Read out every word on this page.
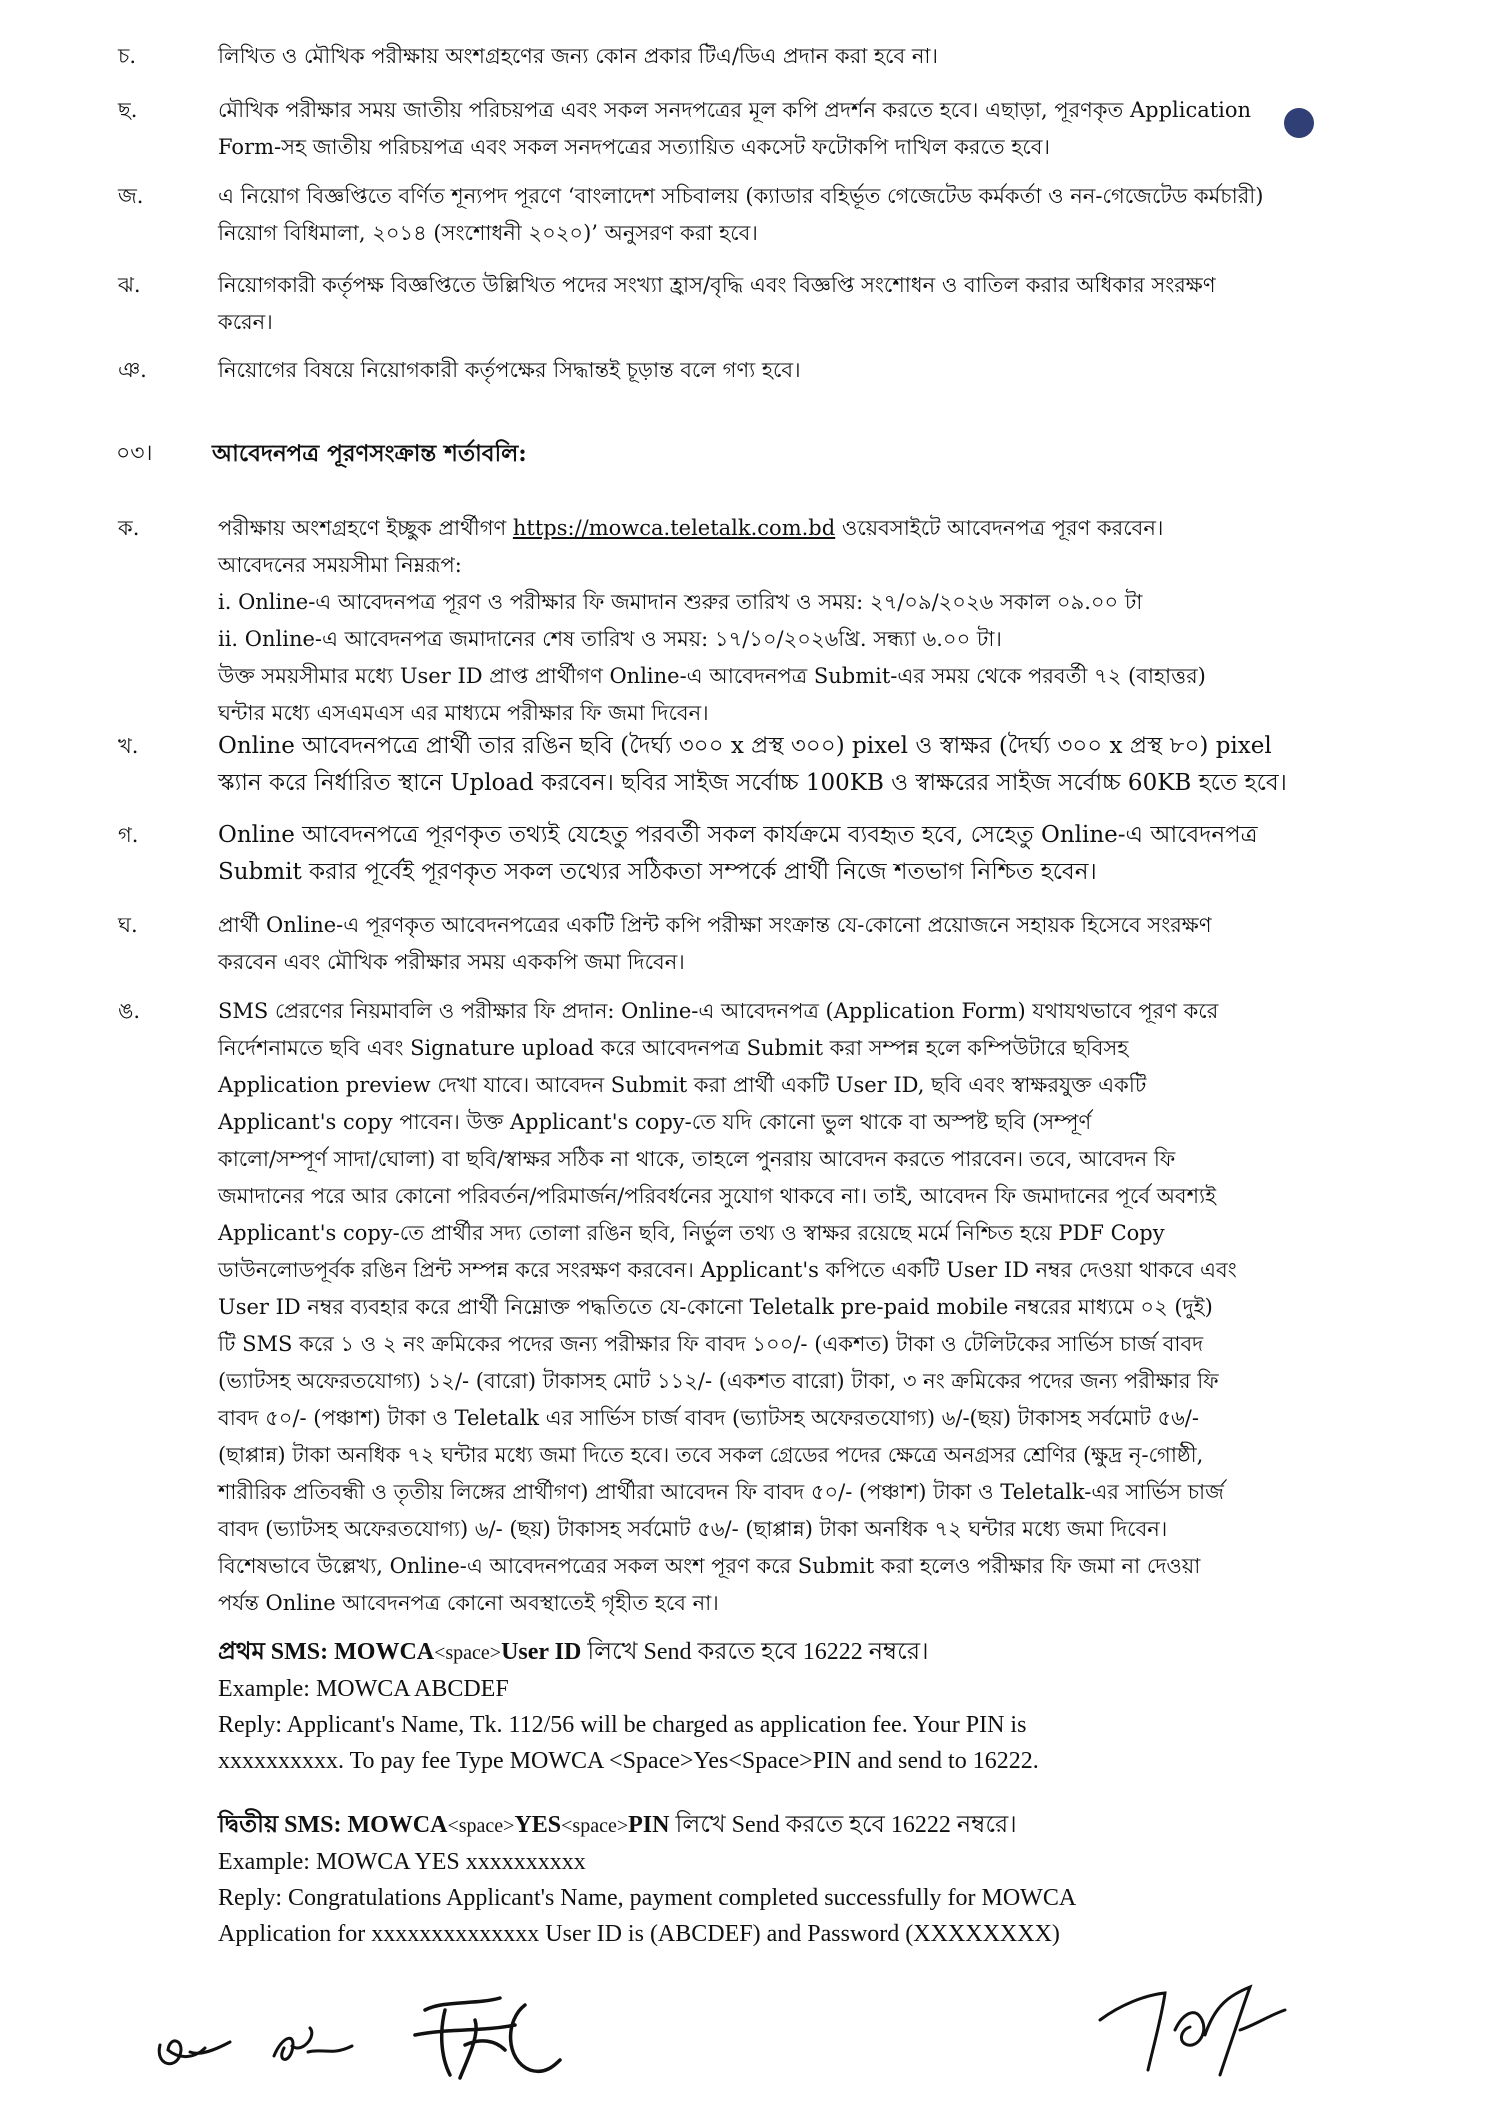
চ.	লিখিত ও মৌখিক পরীক্ষায় অংশগ্রহণের জন্য কোন প্রকার টিএ/ডিএ প্রদান করা হবে না।
ছ.	মৌখিক পরীক্ষার সময় জাতীয় পরিচয়পত্র এবং সকল সনদপত্রের মূল কপি প্রদর্শন করতে হবে। এছাড়া, পূরণকৃত Application
Form-সহ জাতীয় পরিচয়পত্র এবং সকল সনদপত্রের সত্যায়িত একসেট ফটোকপি দাখিল করতে হবে।
জ.	এ নিয়োগ বিজ্ঞপ্তিতে বর্ণিত শূন্যপদ পূরণে ‘বাংলাদেশ সচিবালয় (ক্যাডার বহির্ভূত গেজেটেড কর্মকর্তা ও নন-গেজেটেড কর্মচারী)
নিয়োগ বিধিমালা, ২০১৪ (সংশোধনী ২০২০)’ অনুসরণ করা হবে।
ঝ.	নিয়োগকারী কর্তৃপক্ষ বিজ্ঞপ্তিতে উল্লিখিত পদের সংখ্যা হ্রাস/বৃদ্ধি এবং বিজ্ঞপ্তি সংশোধন ও বাতিল করার অধিকার সংরক্ষণ
করেন।
ঞ.	নিয়োগের বিষয়ে নিয়োগকারী কর্তৃপক্ষের সিদ্ধান্তই চূড়ান্ত বলে গণ্য হবে।
০৩।	আবেদনপত্র পূরণসংক্রান্ত শর্তাবলি:
ক.	পরীক্ষায় অংশগ্রহণে ইচ্ছুক প্রার্থীগণ https://mowca.teletalk.com.bd ওয়েবসাইটে আবেদনপত্র পূরণ করবেন।
আবেদনের সময়সীমা নিম্নরূপ:
i. Online-এ আবেদনপত্র পূরণ ও পরীক্ষার ফি জমাদান শুরুর তারিখ ও সময়: ২৭/০৯/২০২৬ সকাল ০৯.০০ টা
ii. Online-এ আবেদনপত্র জমাদানের শেষ তারিখ ও সময়: ১৭/১০/২০২৬খ্রি. সন্ধ্যা ৬.০০ টা।
উক্ত সময়সীমার মধ্যে User ID প্রাপ্ত প্রার্থীগণ Online-এ আবেদনপত্র Submit-এর সময় থেকে পরবর্তী ৭২ (বাহাত্তর)
ঘন্টার মধ্যে এসএমএস এর মাধ্যমে পরীক্ষার ফি জমা দিবেন।
খ.	Online আবেদনপত্রে প্রার্থী তার রঙিন ছবি (দৈর্ঘ্য ৩০০ x প্রস্থ ৩০০) pixel ও স্বাক্ষর (দৈর্ঘ্য ৩০০ x প্রস্থ ৮০) pixel
স্ক্যান করে নির্ধারিত স্থানে Upload করবেন। ছবির সাইজ সর্বোচ্চ 100KB ও স্বাক্ষরের সাইজ সর্বোচ্চ 60KB হতে হবে।
গ.	Online আবেদনপত্রে পূরণকৃত তথ্যই যেহেতু পরবর্তী সকল কার্যক্রমে ব্যবহৃত হবে, সেহেতু Online-এ আবেদনপত্র
Submit করার পূর্বেই পূরণকৃত সকল তথ্যের সঠিকতা সম্পর্কে প্রার্থী নিজে শতভাগ নিশ্চিত হবেন।
ঘ.	প্রার্থী Online-এ পূরণকৃত আবেদনপত্রের একটি প্রিন্ট কপি পরীক্ষা সংক্রান্ত যে-কোনো প্রয়োজনে সহায়ক হিসেবে সংরক্ষণ
করবেন এবং মৌখিক পরীক্ষার সময় এককপি জমা দিবেন।
ঙ.	SMS প্রেরণের নিয়মাবলি ও পরীক্ষার ফি প্রদান: Online-এ আবেদনপত্র (Application Form) যথাযথভাবে পূরণ করে
নির্দেশনামতে ছবি এবং Signature upload করে আবেদনপত্র Submit করা সম্পন্ন হলে কম্পিউটারে ছবিসহ
Application preview দেখা যাবে। আবেদন Submit করা প্রার্থী একটি User ID, ছবি এবং স্বাক্ষরযুক্ত একটি
Applicant's copy পাবেন। উক্ত Applicant's copy-তে যদি কোনো ভুল থাকে বা অস্পষ্ট ছবি (সম্পূর্ণ
কালো/সম্পূর্ণ সাদা/ঘোলা) বা ছবি/স্বাক্ষর সঠিক না থাকে, তাহলে পুনরায় আবেদন করতে পারবেন। তবে, আবেদন ফি
জমাদানের পরে আর কোনো পরিবর্তন/পরিমার্জন/পরিবর্ধনের সুযোগ থাকবে না। তাই, আবেদন ফি জমাদানের পূর্বে অবশ্যই
Applicant's copy-তে প্রার্থীর সদ্য তোলা রঙিন ছবি, নির্ভুল তথ্য ও স্বাক্ষর রয়েছে মর্মে নিশ্চিত হয়ে PDF Copy
ডাউনলোডপূর্বক রঙিন প্রিন্ট সম্পন্ন করে সংরক্ষণ করবেন। Applicant's কপিতে একটি User ID নম্বর দেওয়া থাকবে এবং
User ID নম্বর ব্যবহার করে প্রার্থী নিম্নোক্ত পদ্ধতিতে যে-কোনো Teletalk pre-paid mobile নম্বরের মাধ্যমে ০২ (দুই)
টি SMS করে ১ ও ২ নং ক্রমিকের পদের জন্য পরীক্ষার ফি বাবদ ১০০/- (একশত) টাকা ও টেলিটকের সার্ভিস চার্জ বাবদ
(ভ্যাটসহ অফেরতযোগ্য) ১২/- (বারো) টাকাসহ মোট ১১২/- (একশত বারো) টাকা, ৩ নং ক্রমিকের পদের জন্য পরীক্ষার ফি
বাবদ ৫০/- (পঞ্চাশ) টাকা ও Teletalk এর সার্ভিস চার্জ বাবদ (ভ্যাটসহ অফেরতযোগ্য) ৬/-(ছয়) টাকাসহ সর্বমোট ৫৬/-
(ছাপ্পান্ন) টাকা অনধিক ৭২ ঘন্টার মধ্যে জমা দিতে হবে। তবে সকল গ্রেডের পদের ক্ষেত্রে অনগ্রসর শ্রেণির (ক্ষুদ্র নৃ-গোষ্ঠী,
শারীরিক প্রতিবন্ধী ও তৃতীয় লিঙ্গের প্রার্থীগণ) প্রার্থীরা আবেদন ফি বাবদ ৫০/- (পঞ্চাশ) টাকা ও Teletalk-এর সার্ভিস চার্জ
বাবদ (ভ্যাটসহ অফেরতযোগ্য) ৬/- (ছয়) টাকাসহ সর্বমোট ৫৬/- (ছাপ্পান্ন) টাকা অনধিক ৭২ ঘন্টার মধ্যে জমা দিবেন।
বিশেষভাবে উল্লেখ্য, Online-এ আবেদনপত্রের সকল অংশ পূরণ করে Submit করা হলেও পরীক্ষার ফি জমা না দেওয়া
পর্যন্ত Online আবেদনপত্র কোনো অবস্থাতেই গৃহীত হবে না।
প্রথম SMS: MOWCA<space>User ID লিখে Send করতে হবে 16222 নম্বরে।
Example: MOWCA ABCDEF
Reply: Applicant's Name, Tk. 112/56 will be charged as application fee. Your PIN is
xxxxxxxxxx. To pay fee Type MOWCA <Space>Yes<Space>PIN and send to 16222.
দ্বিতীয় SMS: MOWCA<space>YES<space>PIN লিখে Send করতে হবে 16222 নম্বরে।
Example: MOWCA YES xxxxxxxxxx
Reply: Congratulations Applicant's Name, payment completed successfully for MOWCA
Application for xxxxxxxxxxxxxx User ID is (ABCDEF) and Password (XXXXXXXX)
